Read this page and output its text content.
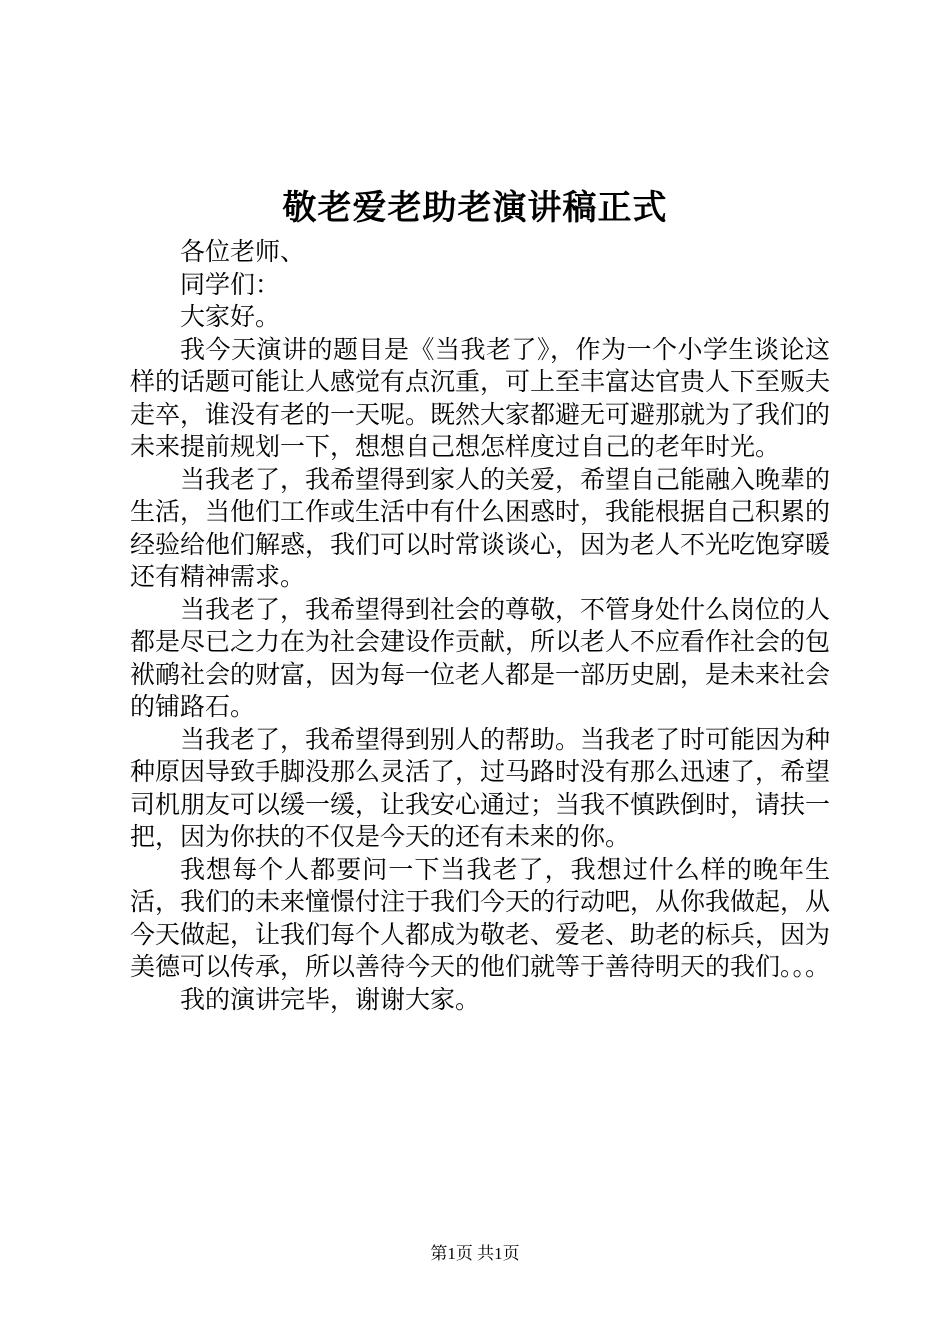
敬老爱老助老演讲稿正式

各位老师、

同学们：

大家好。

我今天演讲的题目是《当我老了》，作为一个小学生谈论这样的话题可能让人感觉有点沉重，可上至丰富达官贵人下至贩夫走卒，谁没有老的一天呢。既然大家都避无可避那就为了我们的未来提前规划一下，想想自己想怎样度过自己的老年时光。

当我老了，我希望得到家人的关爱，希望自己能融入晚辈的生活，当他们工作或生活中有什么困惑时，我能根据自己积累的经验给他们解惑，我们可以时常谈谈心，因为老人不光吃饱穿暖还有精神需求。

当我老了，我希望得到社会的尊敬，不管身处什么岗位的人都是尽已之力在为社会建设作贡献，所以老人不应看作社会的包袱鸸社会的财富，因为每一位老人都是一部历史剧，是未来社会的铺路石。

当我老了，我希望得到别人的帮助。当我老了时可能因为种种原因导致手脚没那么灵活了，过马路时没有那么迅速了，希望司机朋友可以缓一缓，让我安心通过；当我不慎跌倒时，请扶一把，因为你扶的不仅是今天的还有未来的你。

我想每个人都要问一下当我老了，我想过什么样的晚年生活，我们的未来憧憬付注于我们今天的行动吧，从你我做起，从今天做起，让我们每个人都成为敬老、爱老、助老的标兵，因为美德可以传承，所以善待今天的他们就等于善待明天的我们。。。

我的演讲完毕，谢谢大家。

第1页 共1页
